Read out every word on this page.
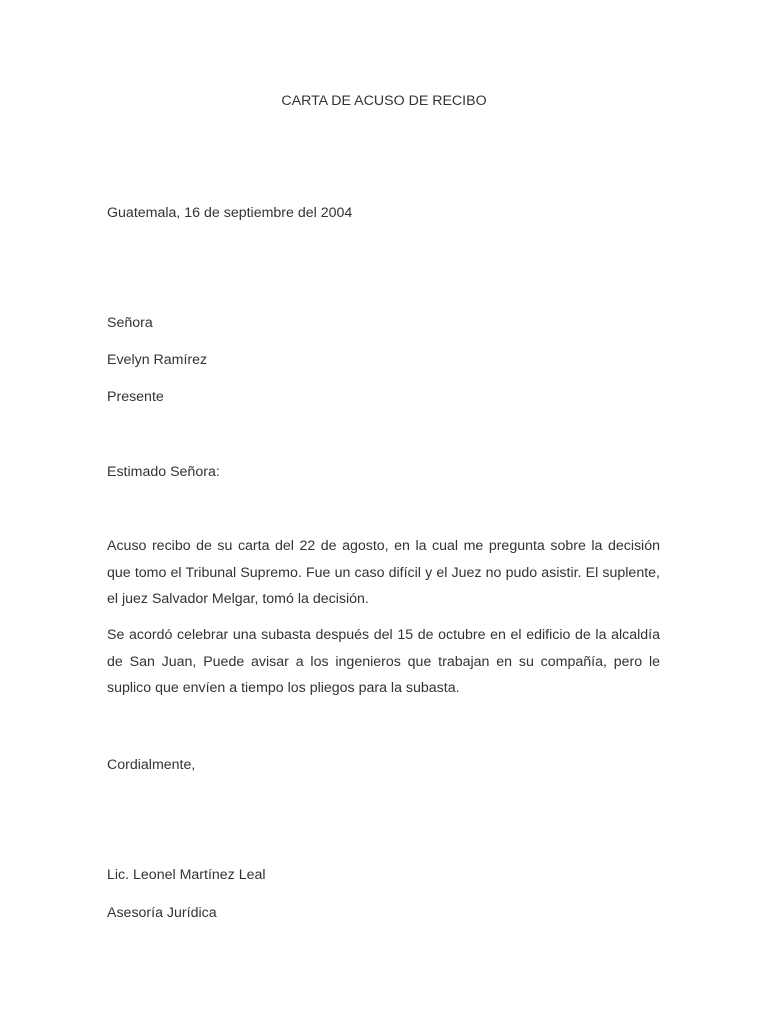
CARTA DE ACUSO DE RECIBO
Guatemala, 16 de septiembre del 2004
Señora
Evelyn Ramírez
Presente
Estimado Señora:
Acuso recibo de su carta del 22 de agosto, en la cual me pregunta sobre la decisión que tomo el Tribunal Supremo. Fue un caso difícil y el Juez no pudo asistir. El suplente, el juez Salvador Melgar, tomó la decisión.
Se acordó celebrar una subasta después del 15 de octubre en el edificio de la alcaldía de San Juan, Puede avisar a los ingenieros que trabajan en su compañía, pero le suplico que envíen a tiempo los pliegos para la subasta.
Cordialmente,
Lic. Leonel Martínez Leal
Asesoría Jurídica
